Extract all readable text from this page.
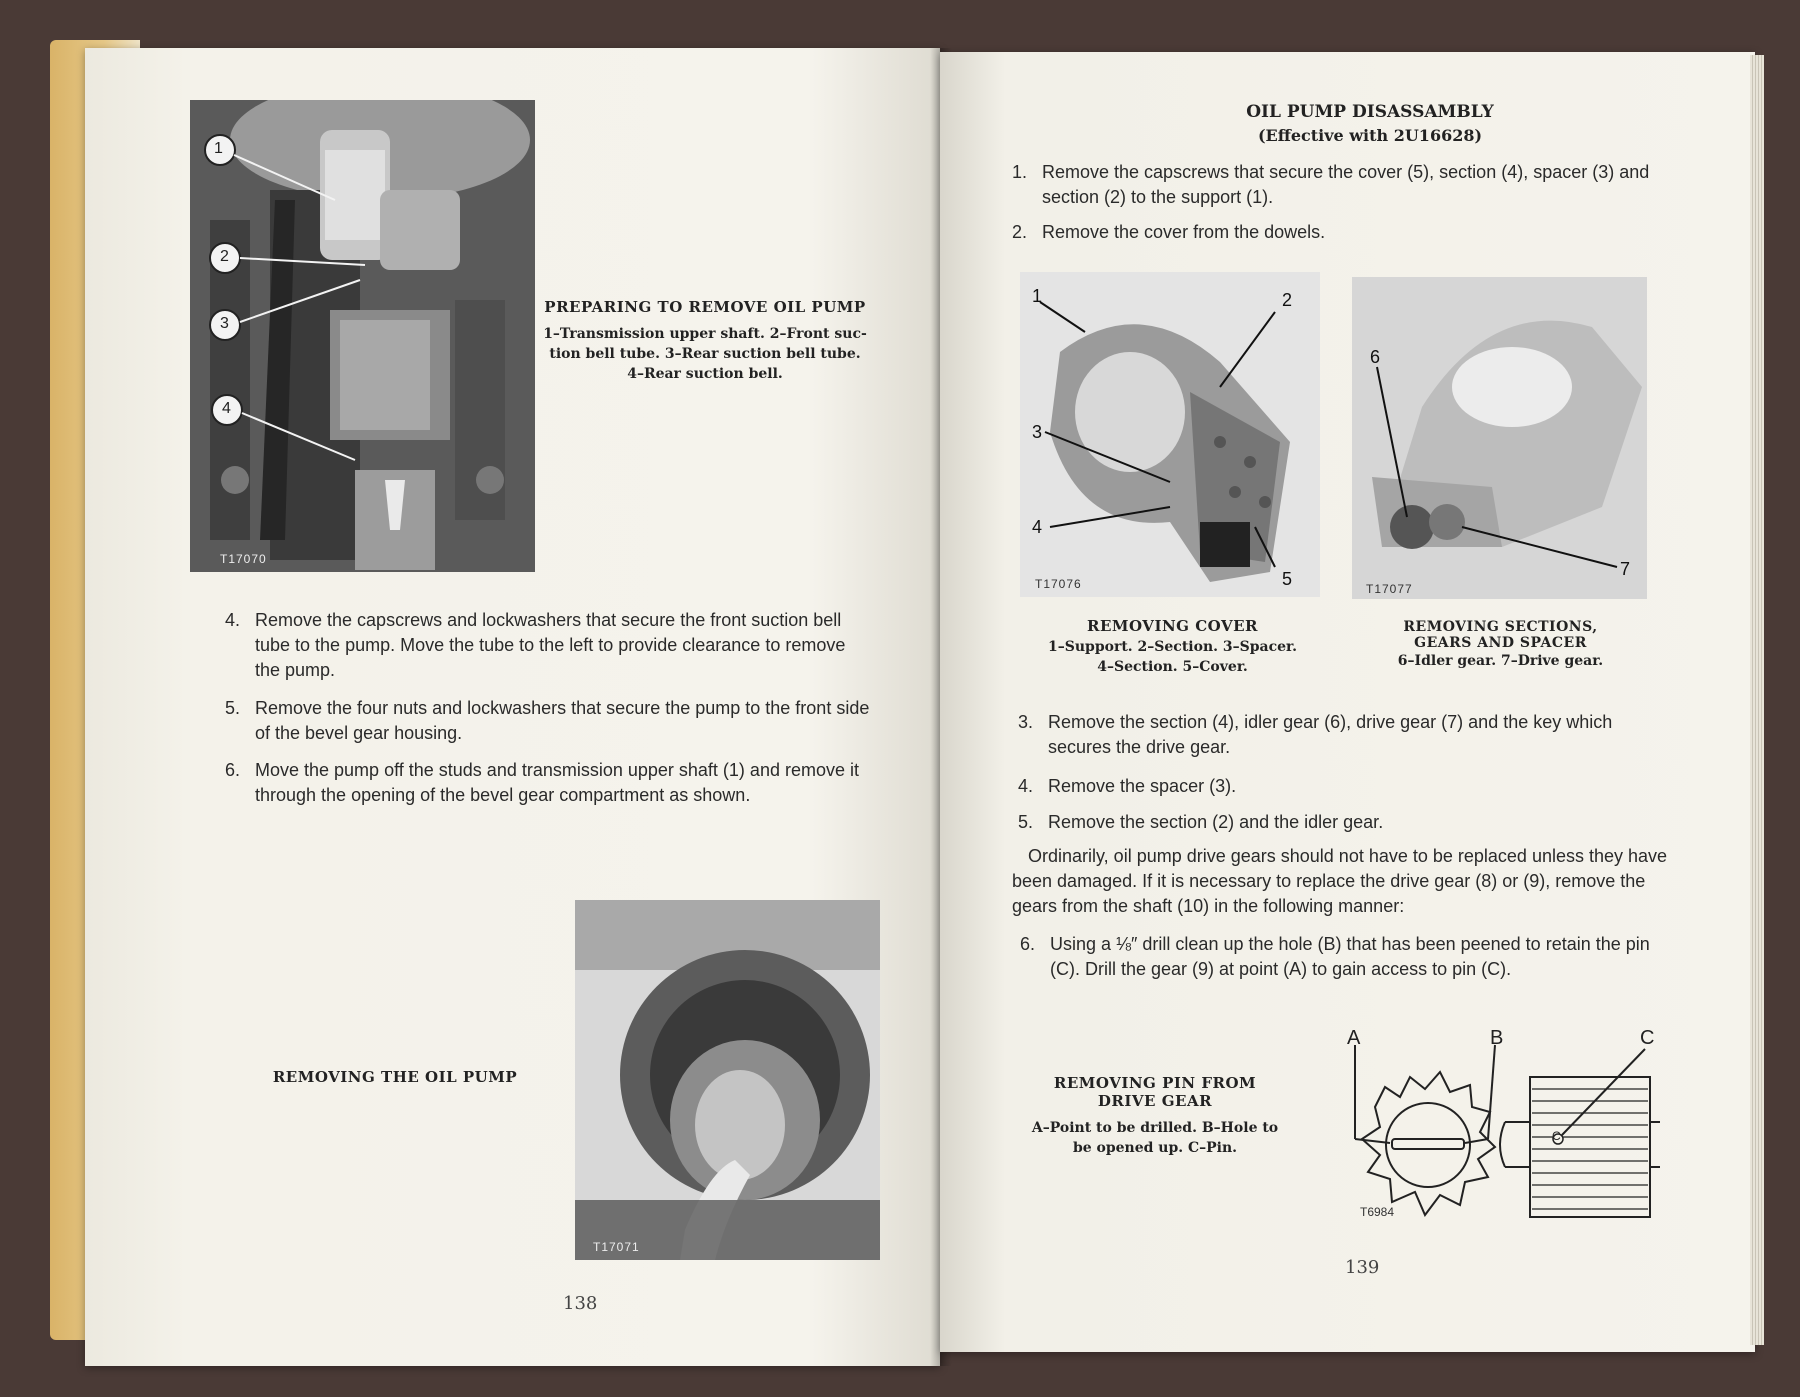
T17070
1
2
3
4
PREPARING TO REMOVE OIL PUMP
1–Transmission upper shaft. 2–Front suc-
tion bell tube. 3–Rear suction bell tube.
4–Rear suction bell.
4. Remove the capscrews and lockwashers that secure the front suction bell tube to the pump. Move the tube to the left to provide clearance to remove the pump.
5. Remove the four nuts and lockwashers that secure the pump to the front side of the bevel gear housing.
6. Move the pump off the studs and transmission upper shaft (1) and remove it through the opening of the bevel gear compartment as shown.
REMOVING THE OIL PUMP
T17071
138
OIL PUMP DISASSAMBLY
(Effective with 2U16628)
1. Remove the capscrews that secure the cover (5), section (4), spacer (3) and section (2) to the support (1).
2. Remove the cover from the dowels.
T17076
1	2
3
4
5	T17077
6
7
REMOVING COVER
1–Support. 2–Section. 3–Spacer.
4–Section. 5–Cover.
REMOVING SECTIONS,
GEARS AND SPACER
6–Idler gear. 7–Drive gear.
3. Remove the section (4), idler gear (6), drive gear (7) and the key which secures the drive gear.
4. Remove the spacer (3).
5. Remove the section (2) and the idler gear.
Ordinarily, oil pump drive gears should not have to be replaced unless they have been damaged. If it is necessary to replace the drive gear (8) or (9), remove the gears from the shaft (10) in the following manner:
6. Using a ⅛″ drill clean up the hole (B) that has been peened to retain the pin (C). Drill the gear (9) at point (A) to gain access to pin (C).
REMOVING PIN FROM
DRIVE GEAR
A–Point to be drilled. B–Hole to
be opened up. C–Pin.
A	B	C
C
T6984
139
